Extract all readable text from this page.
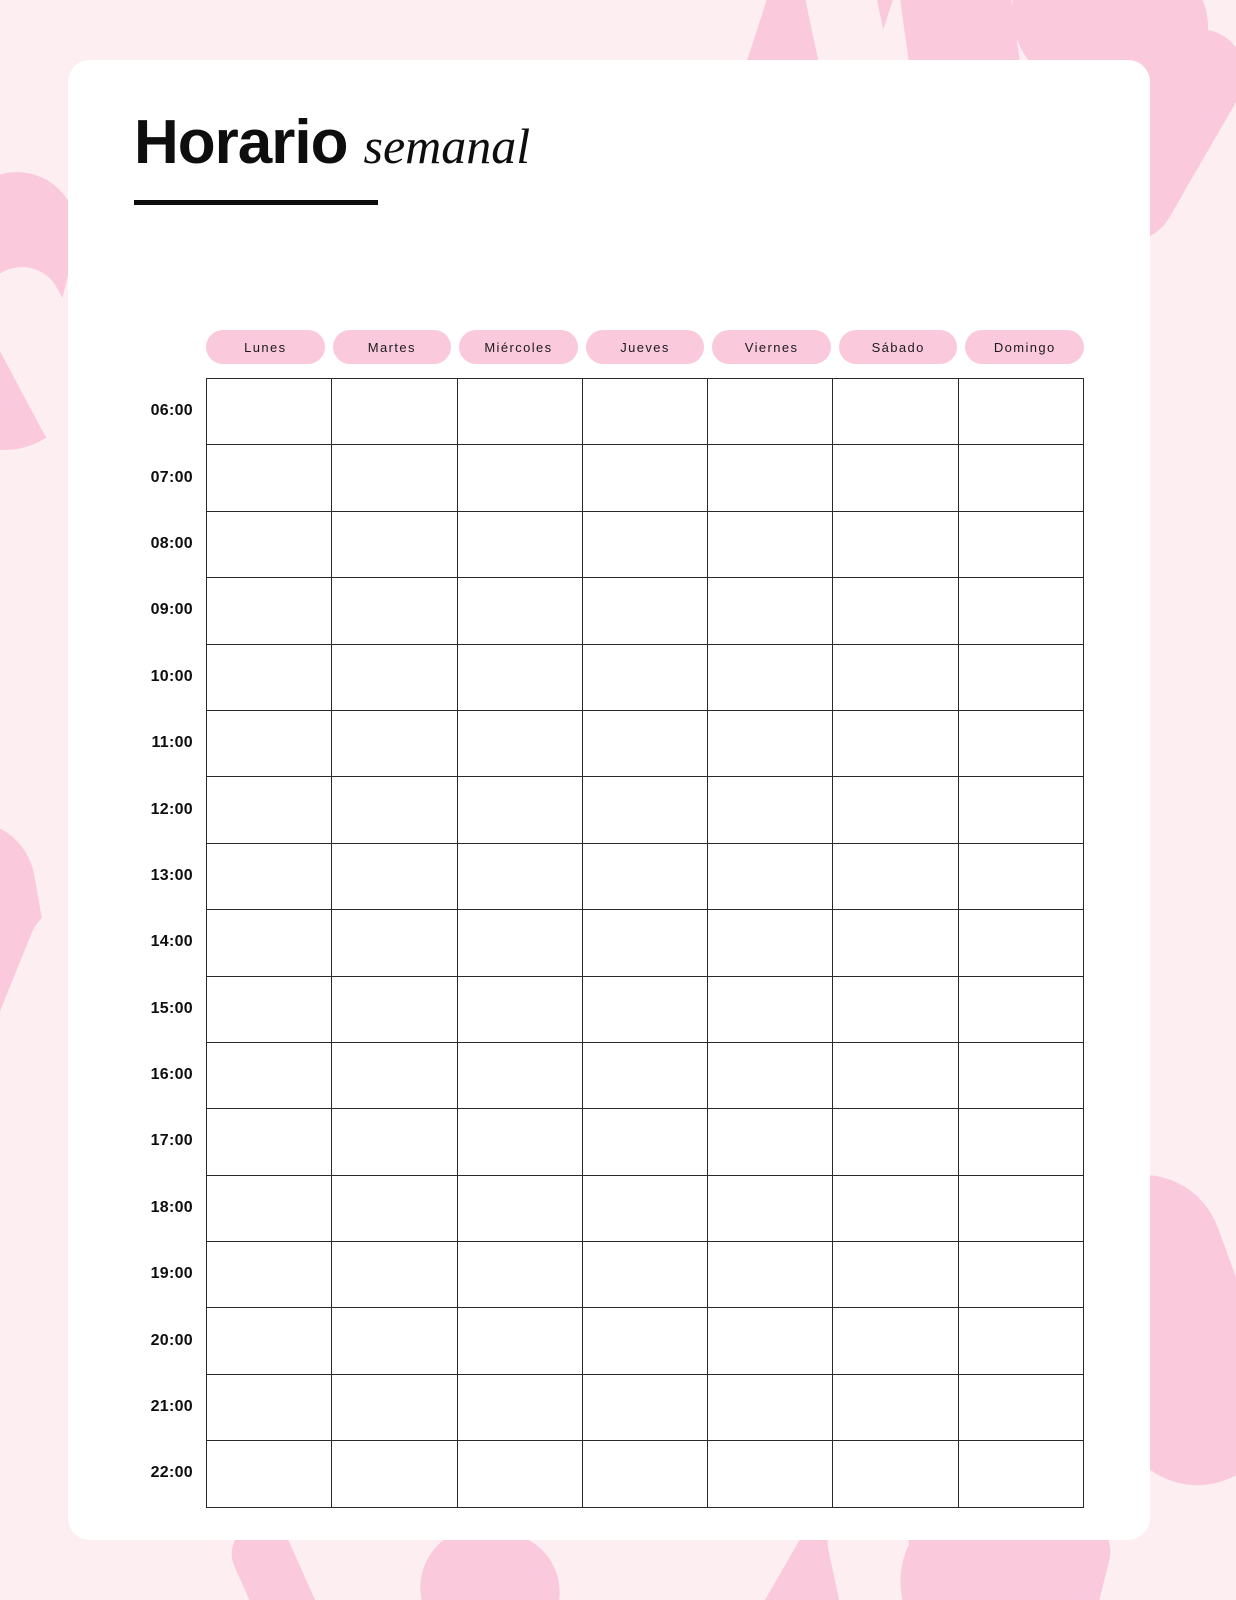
Horario semanal
Lunes	Martes	Miércoles	Jueves	Viernes	Sábado	Domingo
06:00
07:00
08:00
09:00
10:00
11:00
12:00
13:00
14:00
15:00
16:00
17:00
18:00
19:00
20:00
21:00
22:00
